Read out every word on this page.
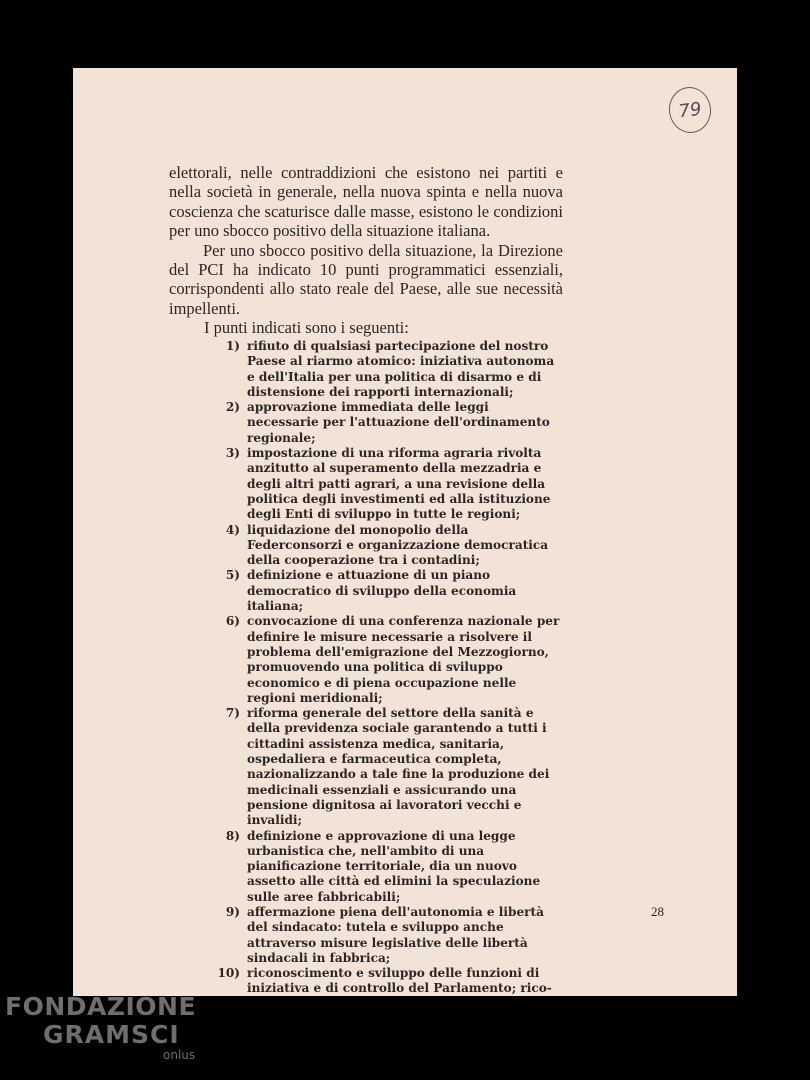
79

elettorali, nelle contraddizioni che esistono nei partiti e nella società in generale, nella nuova spinta e nella nuova coscienza che scaturisce dalle masse, esistono le condizioni per uno sbocco positivo della situazione italiana.

Per uno sbocco positivo della situazione, la Direzione del PCI ha indicato 10 punti programmatici essenziali, corrispondenti allo stato reale del Paese, alle sue necessità impellenti.

I punti indicati sono i seguenti:

1) rifiuto di qualsiasi partecipazione del nostro Paese al riarmo atomico: iniziativa autonoma e dell'Italia per una politica di disarmo e di distensione dei rapporti internazionali;
2) approvazione immediata delle leggi necessarie per l'attuazione dell'ordinamento regionale;
3) impostazione di una riforma agraria rivolta anzitutto al superamento della mezzadria e degli altri patti agrari, a una revisione della politica degli investimenti ed alla istituzione degli Enti di sviluppo in tutte le regioni;
4) liquidazione del monopolio della Federconsorzi e organizzazione democratica della cooperazione tra i contadini;
5) definizione e attuazione di un piano democratico di sviluppo della economia italiana;
6) convocazione di una conferenza nazionale per definire le misure necessarie a risolvere il problema dell'emigrazione del Mezzogiorno, promuovendo una politica di sviluppo economico e di piena occupazione nelle regioni meridionali;
7) riforma generale del settore della sanità e della previdenza sociale garantendo a tutti i cittadini assistenza medica, sanitaria, ospedaliera e farmaceutica completa, nazionalizzando a tale fine la produzione dei medicinali essenziali e assicurando una pensione dignitosa ai lavoratori vecchi e invalidi;
8) definizione e approvazione di una legge urbanistica che, nell'ambito di una pianificazione territoriale, dia un nuovo assetto alle città ed elimini la speculazione sulle aree fabbricabili;
9) affermazione piena dell'autonomia e libertà del sindacato: tutela e sviluppo anche attraverso misure legislative delle libertà sindacali in fabbrica;
10) riconoscimento e sviluppo delle funzioni di iniziativa e di controllo del Parlamento; rico-
28
FONDAZIONE
GRAMSCI
onlus
